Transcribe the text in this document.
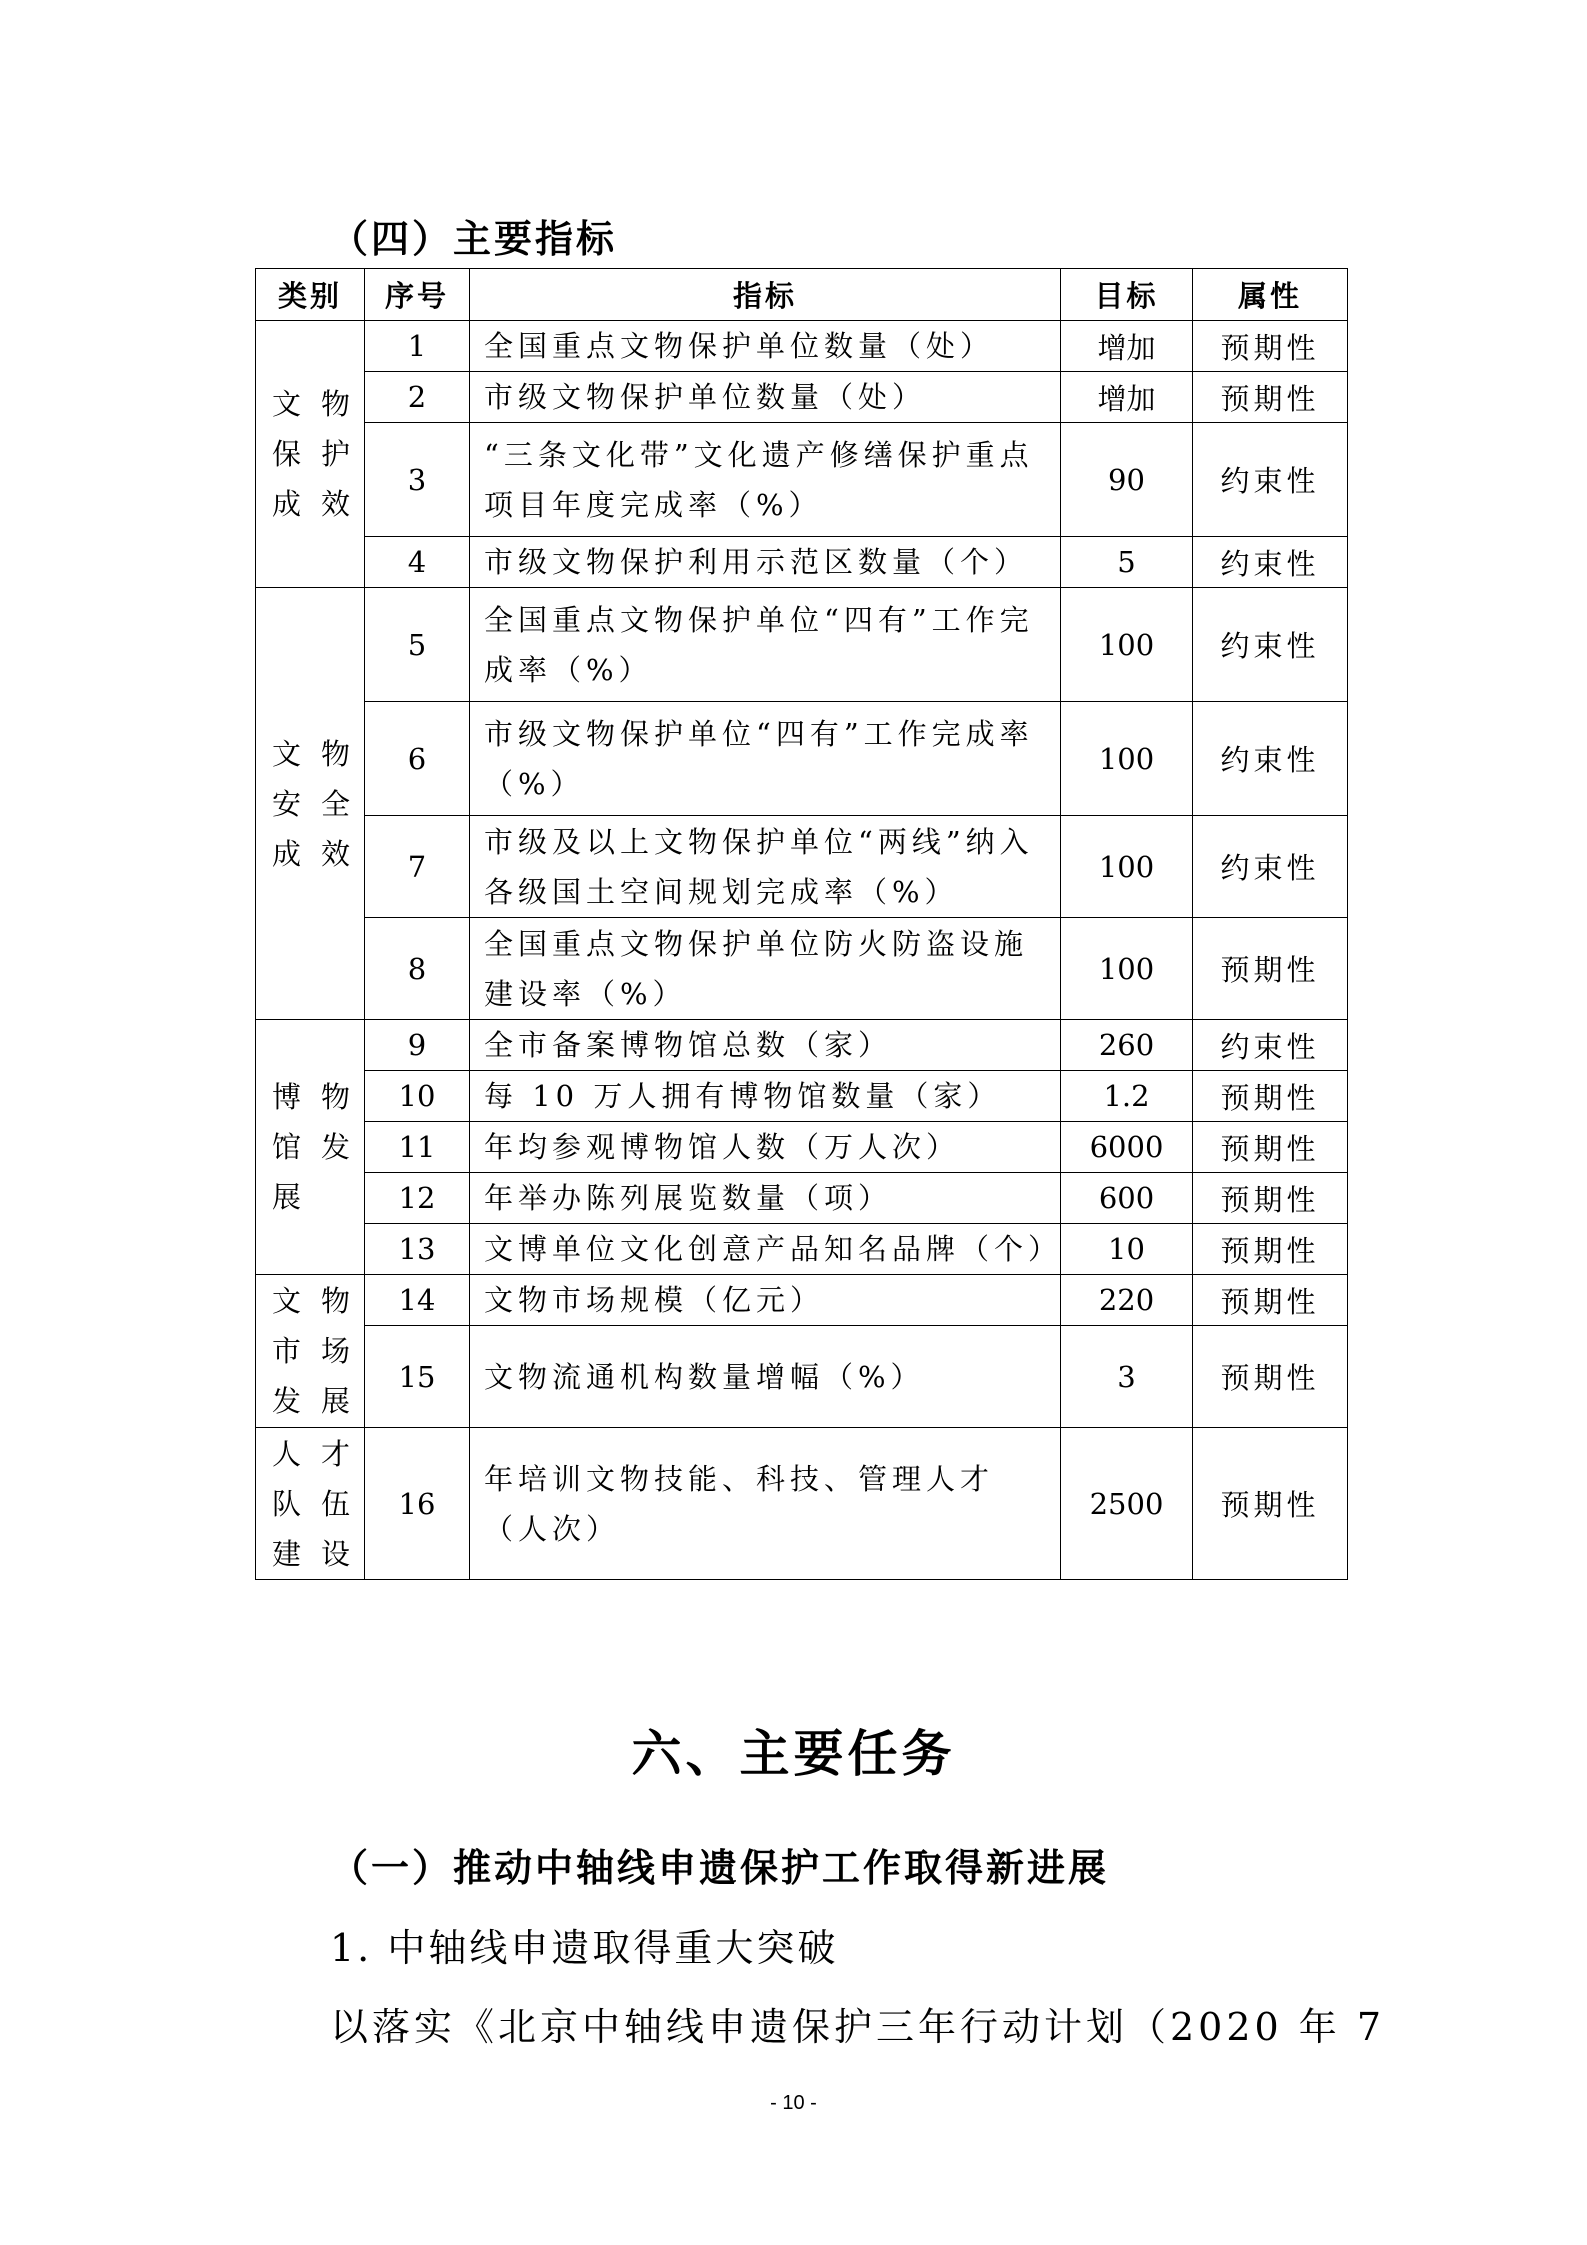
（四）主要指标
类别	序号	指标	目标	属性
文 物 保 护 成 效	1	全国重点文物保护单位数量（处）	增加	预期性
	2	市级文物保护单位数量（处）	增加	预期性
	3	“三条文化带”文化遗产修缮保护重点项目年度完成率（%）	90	约束性
	4	市级文物保护利用示范区数量（个）	5	约束性
文 物 安 全 成 效	5	全国重点文物保护单位“四有”工作完成率（%）	100	约束性
	6	市级文物保护单位“四有”工作完成率（%）	100	约束性
	7	市级及以上文物保护单位“两线”纳入各级国土空间规划完成率（%）	100	约束性
	8	全国重点文物保护单位防火防盗设施建设率（%）	100	预期性
博 物 馆 发 展	9	全市备案博物馆总数（家）	260	约束性
	10	每 10 万人拥有博物馆数量（家）	1.2	预期性
	11	年均参观博物馆人数（万人次）	6000	预期性
	12	年举办陈列展览数量（项）	600	预期性
	13	文博单位文化创意产品知名品牌（个）	10	预期性
文 物 市 场 发 展	14	文物市场规模（亿元）	220	预期性
	15	文物流通机构数量增幅（%）	3	预期性
人 才 队 伍 建 设	16	年培训文物技能、科技、管理人才（人次）	2500	预期性
六、主要任务
（一）推动中轴线申遗保护工作取得新进展
1. 中轴线申遗取得重大突破
以落实《北京中轴线申遗保护三年行动计划（2020 年 7
- 10 -
